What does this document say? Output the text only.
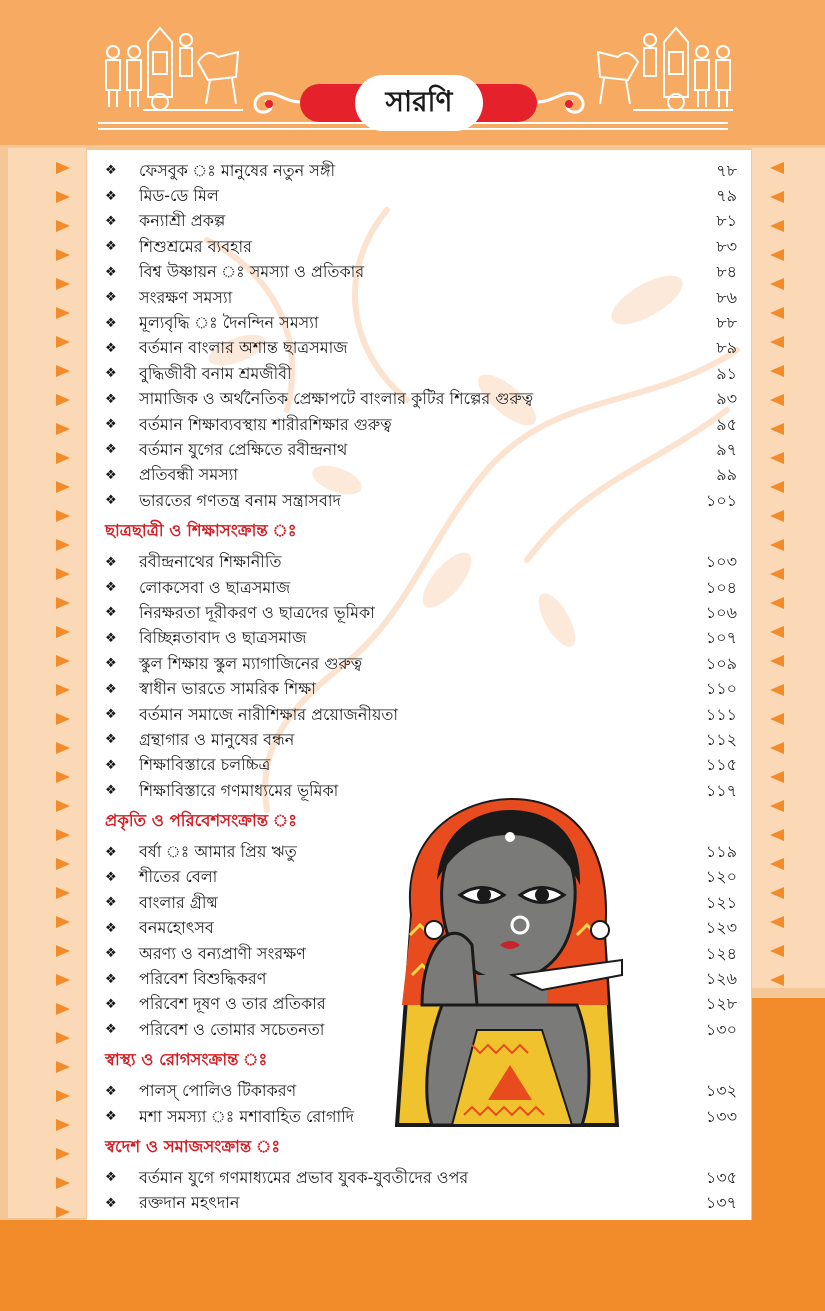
সারণি
❖ ফেসবুক ঃ মানুষের নতুন সঙ্গী	৭৮
❖ মিড-ডে মিল	৭৯
❖ কন্যাশ্রী প্রকল্প	৮১
❖ শিশুশ্রমের ব্যবহার	৮৩
❖ বিশ্ব উষ্ণায়ন ঃ সমস্যা ও প্রতিকার	৮৪
❖ সংরক্ষণ সমস্যা	৮৬
❖ মূল্যবৃদ্ধি ঃ দৈনন্দিন সমস্যা	৮৮
❖ বর্তমান বাংলার অশান্ত ছাত্রসমাজ	৮৯
❖ বুদ্ধিজীবী বনাম শ্রমজীবী	৯১
❖ সামাজিক ও অর্থনৈতিক প্রেক্ষাপটে বাংলার কুটির শিল্পের গুরুত্ব	৯৩
❖ বর্তমান শিক্ষাব্যবস্থায় শারীরশিক্ষার গুরুত্ব	৯৫
❖ বর্তমান যুগের প্রেক্ষিতে রবীন্দ্রনাথ	৯৭
❖ প্রতিবন্ধী সমস্যা	৯৯
❖ ভারতের গণতন্ত্র বনাম সন্ত্রাসবাদ	১০১
ছাত্রছাত্রী ও শিক্ষাসংক্রান্ত ঃ
❖ রবীন্দ্রনাথের শিক্ষানীতি	১০৩
❖ লোকসেবা ও ছাত্রসমাজ	১০৪
❖ নিরক্ষরতা দূরীকরণ ও ছাত্রদের ভূমিকা	১০৬
❖ বিচ্ছিন্নতাবাদ ও ছাত্রসমাজ	১০৭
❖ স্কুল শিক্ষায় স্কুল ম্যাগাজিনের গুরুত্ব	১০৯
❖ স্বাধীন ভারতে সামরিক শিক্ষা	১১০
❖ বর্তমান সমাজে নারীশিক্ষার প্রয়োজনীয়তা	১১১
❖ গ্রন্থাগার ও মানুষের বন্ধন	১১২
❖ শিক্ষাবিস্তারে চলচ্চিত্র	১১৫
❖ শিক্ষাবিস্তারে গণমাধ্যমের ভূমিকা	১১৭
প্রকৃতি ও পরিবেশসংক্রান্ত ঃ
❖ বর্ষা ঃ আমার প্রিয় ঋতু	১১৯
❖ শীতের বেলা	১২০
❖ বাংলার গ্রীষ্ম	১২১
❖ বনমহোৎসব	১২৩
❖ অরণ্য ও বন্যপ্রাণী সংরক্ষণ	১২৪
❖ পরিবেশ বিশুদ্ধিকরণ	১২৬
❖ পরিবেশ দূষণ ও তার প্রতিকার	১২৮
❖ পরিবেশ ও তোমার সচেতনতা	১৩০
স্বাস্থ্য ও রোগসংক্রান্ত ঃ
❖ পালস্ পোলিও টিকাকরণ	১৩২
❖ মশা সমস্যা ঃ মশাবাহিত রোগাদি	১৩৩
স্বদেশ ও সমাজসংক্রান্ত ঃ
❖ বর্তমান যুগে গণমাধ্যমের প্রভাব যুবক-যুবতীদের ওপর	১৩৫
❖ রক্তদান মহৎদান	১৩৭
